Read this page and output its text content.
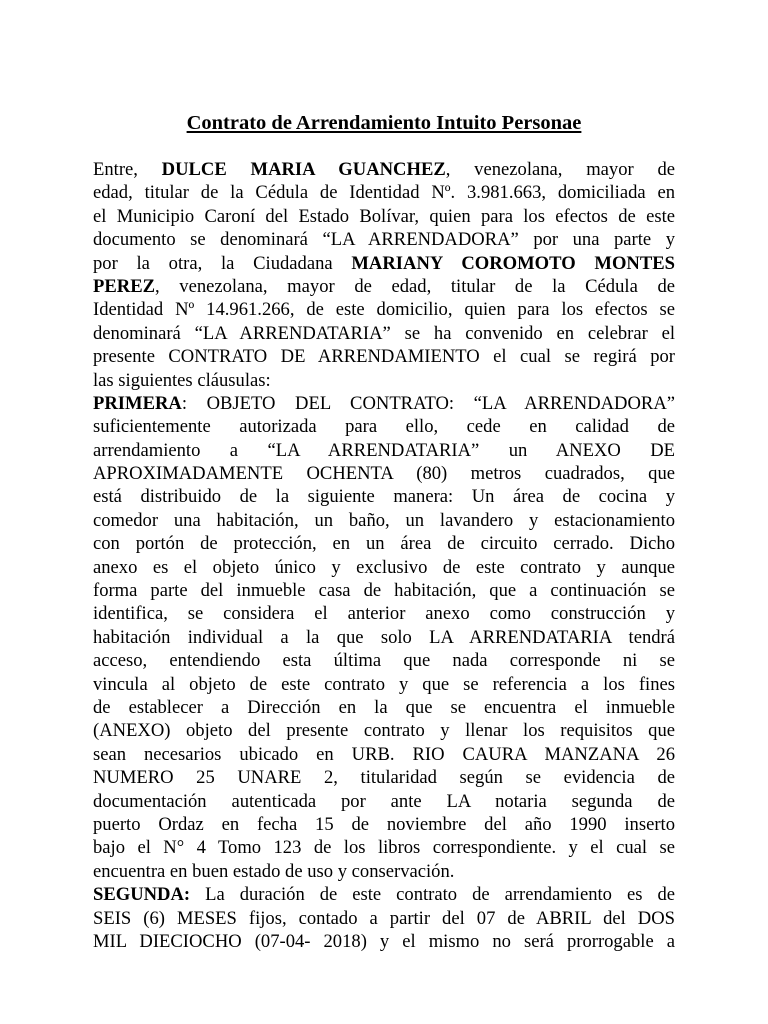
Contrato de Arrendamiento Intuito Personae
Entre, DULCE MARIA GUANCHEZ, venezolana, mayor de
edad, titular de la Cédula de Identidad Nº. 3.981.663, domiciliada en
el Municipio Caroní del Estado Bolívar, quien para los efectos de este
documento se denominará “LA ARRENDADORA” por una parte y
por la otra, la Ciudadana MARIANY COROMOTO MONTES
PEREZ, venezolana, mayor de edad, titular de la Cédula de
Identidad Nº 14.961.266, de este domicilio, quien para los efectos se
denominará “LA ARRENDATARIA” se ha convenido en celebrar el
presente CONTRATO DE ARRENDAMIENTO el cual se regirá por
las siguientes cláusulas:
PRIMERA: OBJETO DEL CONTRATO: “LA ARRENDADORA”
suficientemente autorizada para ello, cede en calidad de
arrendamiento a “LA ARRENDATARIA” un ANEXO DE
APROXIMADAMENTE OCHENTA (80) metros cuadrados, que
está distribuido de la siguiente manera: Un área de cocina y
comedor una habitación, un baño, un lavandero y estacionamiento
con portón de protección, en un área de circuito cerrado. Dicho
anexo es el objeto único y exclusivo de este contrato y aunque
forma parte del inmueble casa de habitación, que a continuación se
identifica, se considera el anterior anexo como construcción y
habitación individual a la que solo LA ARRENDATARIA tendrá
acceso, entendiendo esta última que nada corresponde ni se
vincula al objeto de este contrato y que se referencia a los fines
de establecer a Dirección en la que se encuentra el inmueble
(ANEXO) objeto del presente contrato y llenar los requisitos que
sean necesarios ubicado en URB. RIO CAURA MANZANA 26
NUMERO 25 UNARE 2, titularidad según se evidencia de
documentación autenticada por ante LA notaria segunda de
puerto Ordaz en fecha 15 de noviembre del año 1990 inserto
bajo el N° 4 Tomo 123 de los libros correspondiente. y el cual se
encuentra en buen estado de uso y conservación.
SEGUNDA: La duración de este contrato de arrendamiento es de
SEIS (6) MESES fijos, contado a partir del 07 de ABRIL del DOS
MIL DIECIOCHO (07-04- 2018) y el mismo no será prorrogable a
